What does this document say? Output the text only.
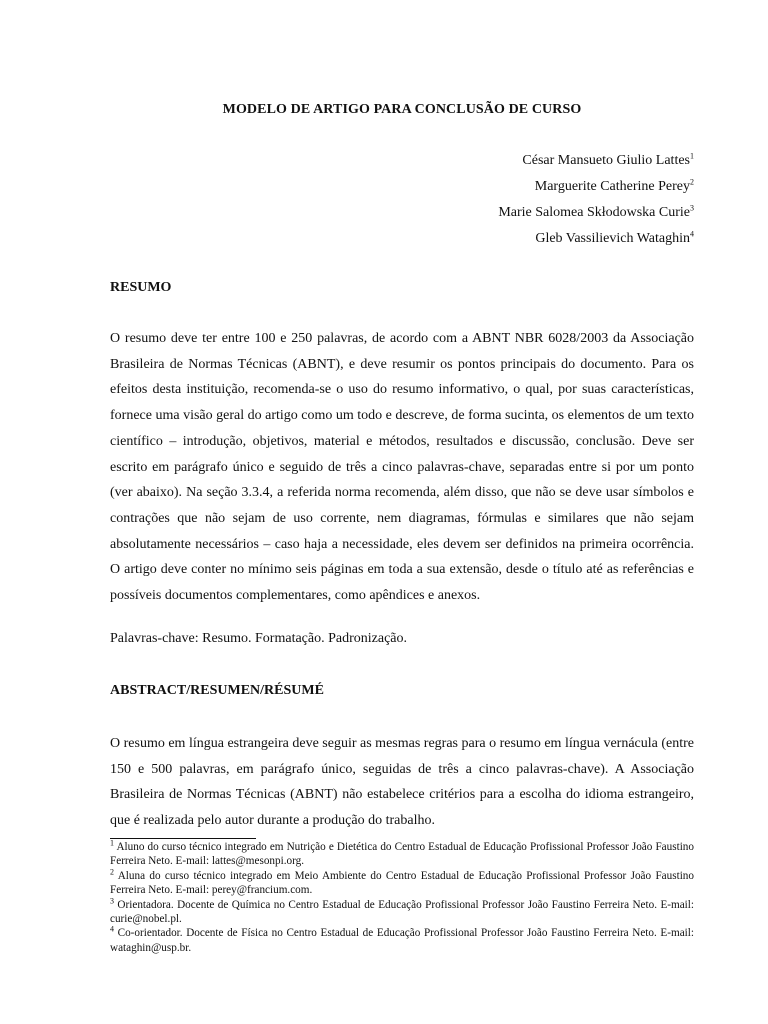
MODELO DE ARTIGO PARA CONCLUSÃO DE CURSO
César Mansueto Giulio Lattes$^1$
Marguerite Catherine Perey$^2$
Marie Salomea Skłodowska Curie$^3$
Gleb Vassilievich Wataghin$^4$
RESUMO
O resumo deve ter entre 100 e 250 palavras, de acordo com a ABNT NBR 6028/2003 da Associação Brasileira de Normas Técnicas (ABNT), e deve resumir os pontos principais do documento. Para os efeitos desta instituição, recomenda-se o uso do resumo informativo, o qual, por suas características, fornece uma visão geral do artigo como um todo e descreve, de forma sucinta, os elementos de um texto científico – introdução, objetivos, material e métodos, resultados e discussão, conclusão. Deve ser escrito em parágrafo único e seguido de três a cinco palavras-chave, separadas entre si por um ponto (ver abaixo). Na seção 3.3.4, a referida norma recomenda, além disso, que não se deve usar símbolos e contrações que não sejam de uso corrente, nem diagramas, fórmulas e similares que não sejam absolutamente necessários – caso haja a necessidade, eles devem ser definidos na primeira ocorrência. O artigo deve conter no mínimo seis páginas em toda a sua extensão, desde o título até as referências e possíveis documentos complementares, como apêndices e anexos.
Palavras-chave: Resumo. Formatação. Padronização.
ABSTRACT/RESUMEN/RÉSUMÉ
O resumo em língua estrangeira deve seguir as mesmas regras para o resumo em língua vernácula (entre 150 e 500 palavras, em parágrafo único, seguidas de três a cinco palavras-chave). A Associação Brasileira de Normas Técnicas (ABNT) não estabelece critérios para a escolha do idioma estrangeiro, que é realizada pelo autor durante a produção do trabalho.

$^1$ Aluno do curso técnico integrado em Nutrição e Dietética do Centro Estadual de Educação Profissional Professor João Faustino Ferreira Neto. E-mail: lattes@mesonpi.org.

$^2$ Aluna do curso técnico integrado em Meio Ambiente do Centro Estadual de Educação Profissional Professor João Faustino Ferreira Neto. E-mail: perey@francium.com.

$^3$ Orientadora. Docente de Química no Centro Estadual de Educação Profissional Professor João Faustino Ferreira Neto. E-mail: curie@nobel.pl.

$^4$ Co-orientador. Docente de Física no Centro Estadual de Educação Profissional Professor João Faustino Ferreira Neto. E-mail: wataghin@usp.br.
